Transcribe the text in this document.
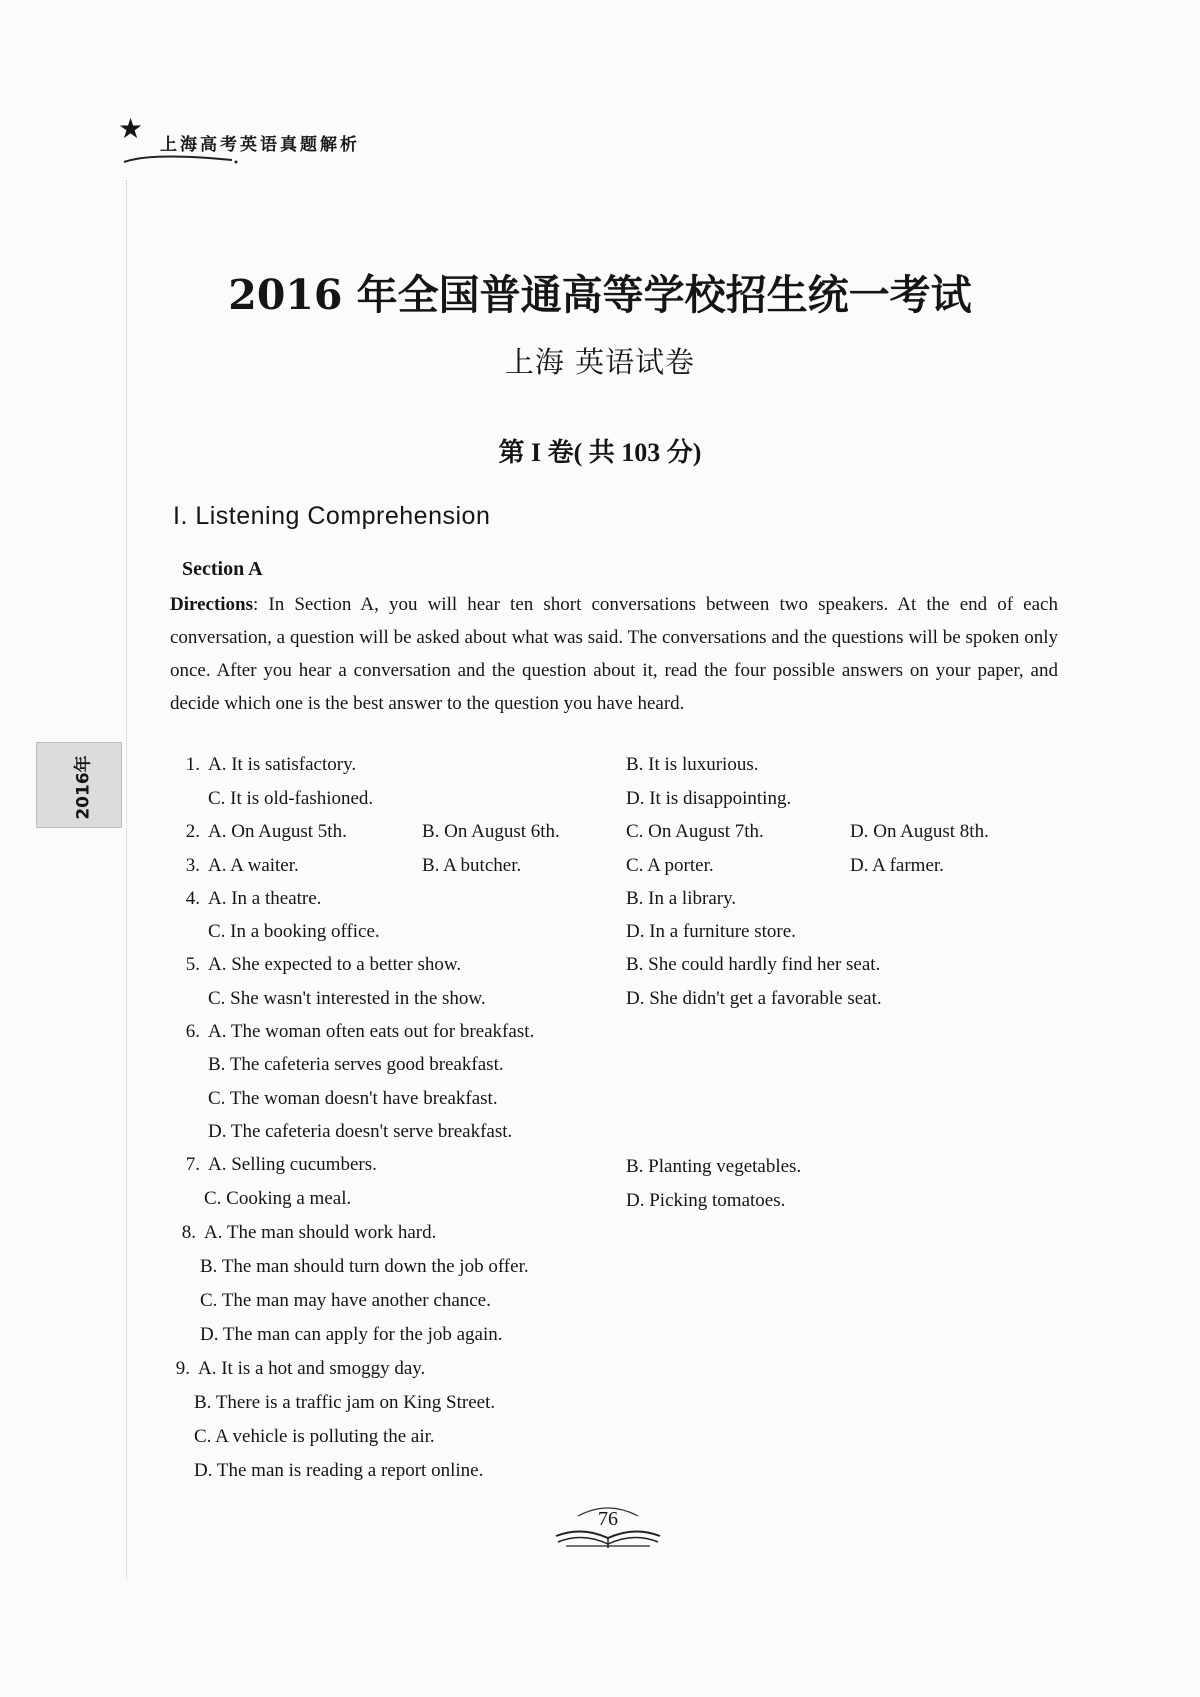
★ 上海高考英语真题解析
2016年
2016 年全国普通高等学校招生统一考试
上海 英语试卷
第 I 卷( 共 103 分)
I. Listening Comprehension
Section A
Directions: In Section A, you will hear ten short conversations between two speakers. At the end of each conversation, a question will be asked about what was said. The conversations and the questions will be spoken only once. After you hear a conversation and the question about it, read the four possible answers on your paper, and decide which one is the best answer to the question you have heard.
1. A. It is satisfactory.	B. It is luxurious.
C. It is old-fashioned.	D. It is disappointing.
2. A. On August 5th.	B. On August 6th.	C. On August 7th.	D. On August 8th.
3. A. A waiter.	B. A butcher.	C. A porter.	D. A farmer.
4. A. In a theatre.	B. In a library.
C. In a booking office.	D. In a furniture store.
5. A. She expected to a better show.	B. She could hardly find her seat.
C. She wasn't interested in the show.	D. She didn't get a favorable seat.
6. A. The woman often eats out for breakfast.
B. The cafeteria serves good breakfast.
C. The woman doesn't have breakfast.
D. The cafeteria doesn't serve breakfast.
7. A. Selling cucumbers.	B. Planting vegetables.
C. Cooking a meal.	D. Picking tomatoes.
8. A. The man should work hard.
B. The man should turn down the job offer.
C. The man may have another chance.
D. The man can apply for the job again.
9. A. It is a hot and smoggy day.
B. There is a traffic jam on King Street.
C. A vehicle is polluting the air.
D. The man is reading a report online.
76
